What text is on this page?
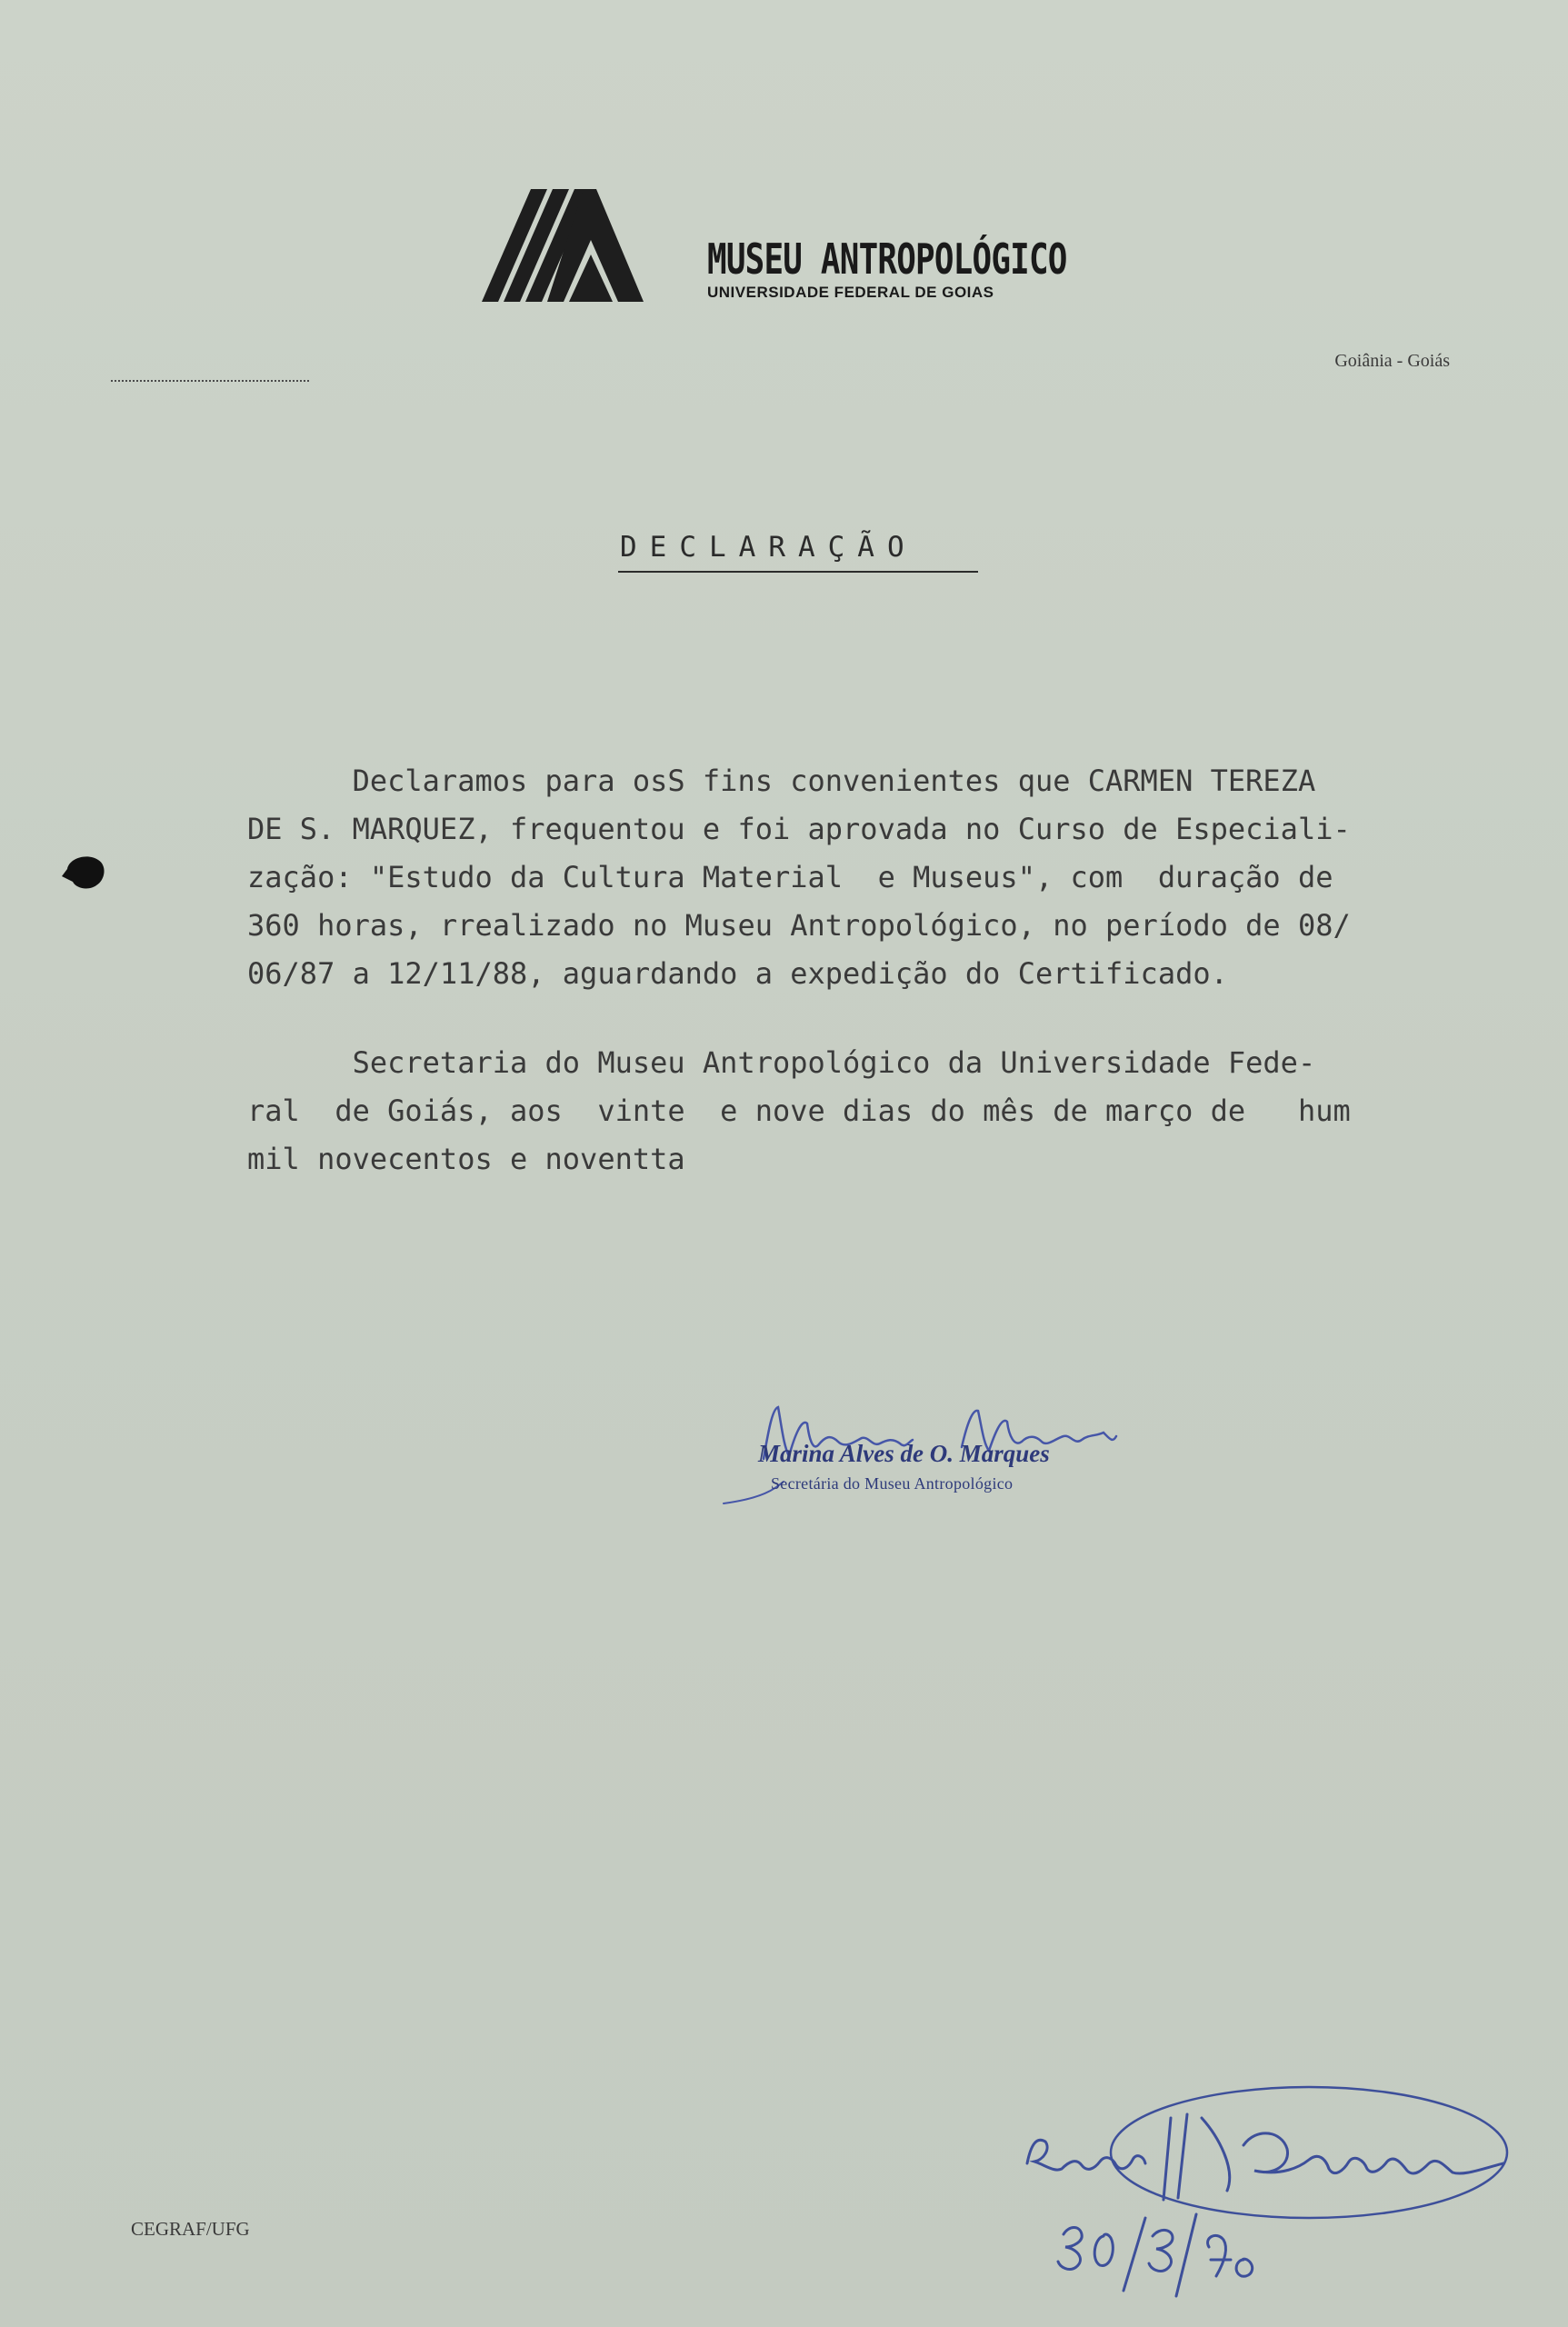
MUSEU ANTROPOLÓGICO
UNIVERSIDADE FEDERAL DE GOIAS
Goiânia - Goiás
DECLARAÇÃO
Declaramos para osS fins convenientes que CARMEN TEREZA
DE S. MARQUEZ, frequentou e foi aprovada no Curso de Especiali-
zação: "Estudo da Cultura Material  e Museus", com  duração de
360 horas, rrealizado no Museu Antropológico, no período de 08/
06/87 a 12/11/88, aguardando a expedição do Certificado.
Secretaria do Museu Antropológico da Universidade Fede-
ral  de Goiás, aos  vinte  e nove dias do mês de março de   hum
mil novecentos e noventta
Marina Alves de O. Marques
Secretária do Museu Antropológico
CEGRAF/UFG
